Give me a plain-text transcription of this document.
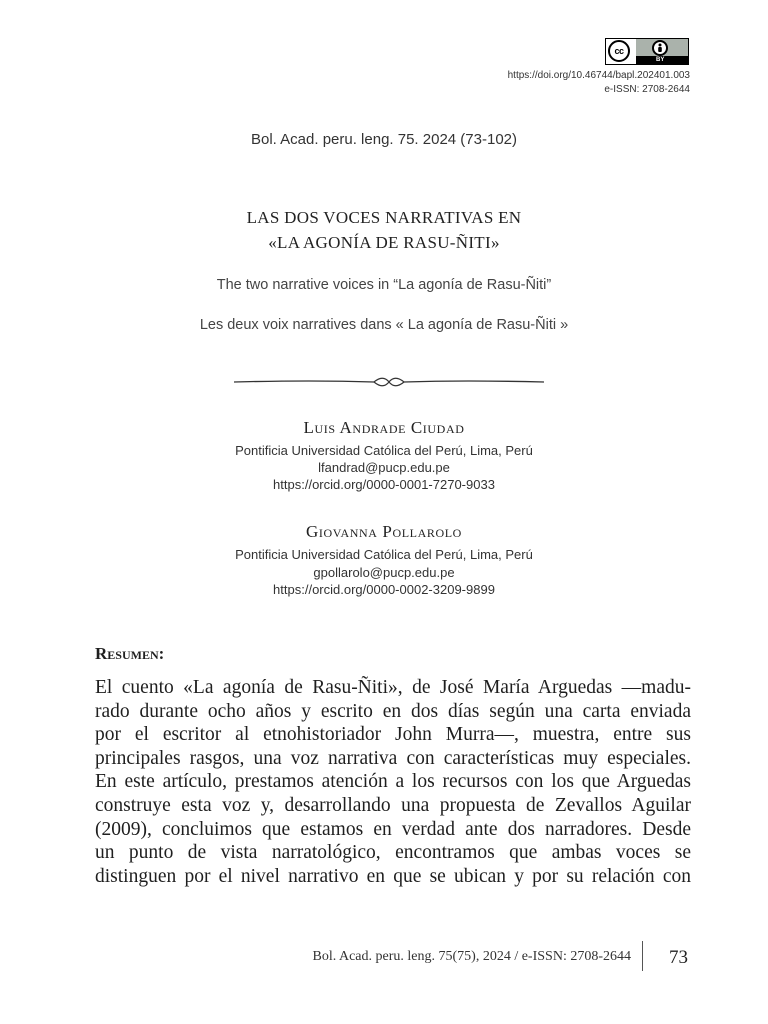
cc
BY
https://doi.org/10.46744/bapl.202401.003
e-ISSN: 2708-2644
Bol. Acad. peru. leng. 75. 2024 (73-102)
LAS DOS VOCES NARRATIVAS EN
«LA AGONÍA DE RASU-ÑITI»
The two narrative voices in “La agonía de Rasu-Ñiti”
Les deux voix narratives dans « La agonía de Rasu-Ñiti »
Luis Andrade Ciudad
Pontificia Universidad Católica del Perú, Lima, Perú
lfandrad@pucp.edu.pe
https://orcid.org/0000-0001-7270-9033
Giovanna Pollarolo
Pontificia Universidad Católica del Perú, Lima, Perú
gpollarolo@pucp.edu.pe
https://orcid.org/0000-0002-3209-9899
Resumen:
El cuento «La agonía de Rasu-Ñiti», de José María Arguedas —madu-
rado durante ocho años y escrito en dos días según una carta enviada
por el escritor al etnohistoriador John Murra—, muestra, entre sus
principales rasgos, una voz narrativa con características muy especiales.
En este artículo, prestamos atención a los recursos con los que Arguedas
construye esta voz y, desarrollando una propuesta de Zevallos Aguilar
(2009), concluimos que estamos en verdad ante dos narradores. Desde
un punto de vista narratológico, encontramos que ambas voces se
distinguen por el nivel narrativo en que se ubican y por su relación con
Bol. Acad. peru. leng. 75(75), 2024 / e-ISSN: 2708-2644 73
